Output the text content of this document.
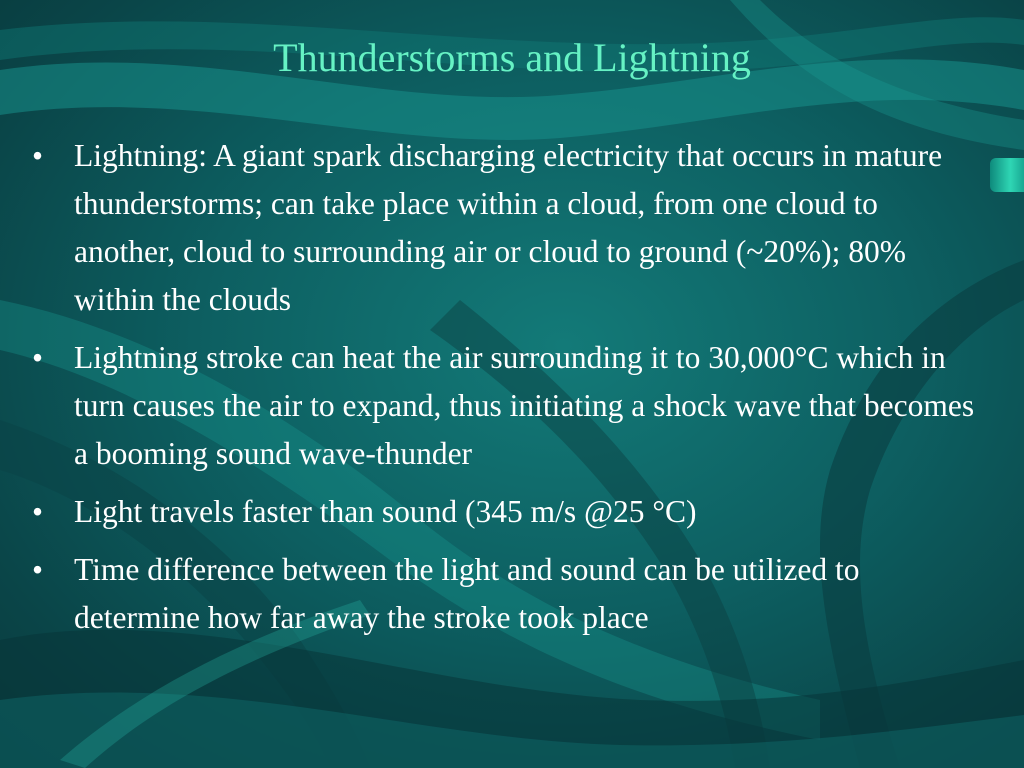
Thunderstorms and Lightning
• Lightning: A giant spark discharging electricity that occurs in mature thunderstorms; can take place within a cloud, from one cloud to another, cloud to surrounding air or cloud to ground (~20%); 80% within the clouds
• Lightning stroke can heat the air surrounding it to 30,000°C which in turn causes the air to expand, thus initiating a shock wave that becomes a booming sound wave-thunder
• Light travels faster than sound (345 m/s @25 °C)
• Time difference between the light and sound can be utilized to determine how far away the stroke took place
